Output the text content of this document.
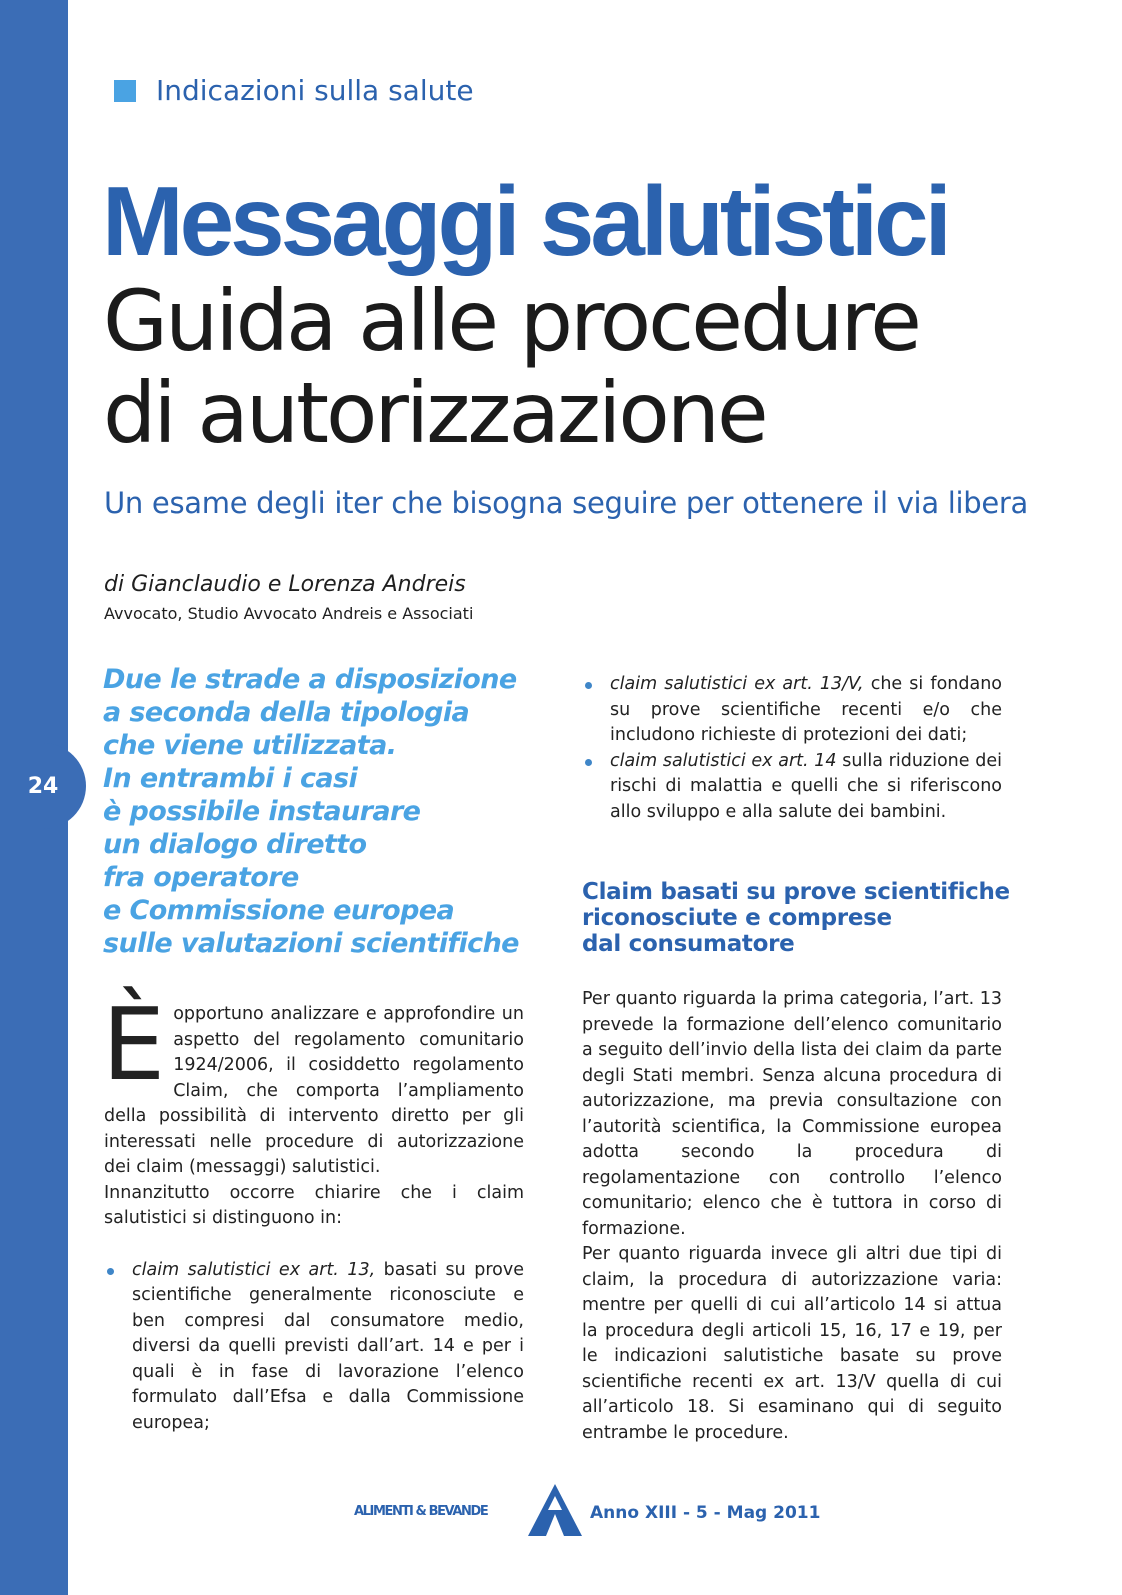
24
Indicazioni sulla salute
Messaggi salutistici
Guida alle procedure
di autorizzazione
Un esame degli iter che bisogna seguire per ottenere il via libera
di Gianclaudio e Lorenza Andreis
Avvocato, Studio Avvocato Andreis e Associati
Due le strade a disposizione
a seconda della tipologia
che viene utilizzata.
In entrambi i casi
è possibile instaurare
un dialogo diretto
fra operatore
e Commissione europea
sulle valutazioni scientifiche

Èopportuno analizzare e approfondire un aspetto del regolamento comunitario 1924/2006, il cosiddetto regolamento Claim, che comporta l’ampliamento della possibilità di intervento diretto per gli interessati nelle procedure di autorizzazione dei claim (messaggi) salutistici.

Innanzitutto occorre chiarire che i claim salutistici si distinguono in:

claim salutistici ex art. 13, basati su prove scientifiche generalmente riconosciute e ben compresi dal consumatore medio, diversi da quelli previsti dall’art. 14 e per i quali è in fase di lavorazione l’elenco formulato dall’Efsa e dalla Commissione europea;
claim salutistici ex art. 13/V, che si fondano su prove scientifiche recenti e/o che includono richieste di protezioni dei dati;
claim salutistici ex art. 14 sulla riduzione dei rischi di malattia e quelli che si riferiscono allo sviluppo e alla salute dei bambini.
Claim basati su prove scientifiche
riconosciute e comprese
dal consumatore

Per quanto riguarda la prima categoria, l’art. 13 prevede la formazione dell’elenco comunitario a seguito dell’invio della lista dei claim da parte degli Stati membri. Senza alcuna procedura di autorizzazione, ma previa consultazione con l’autorità scientifica, la Commissione europea adotta secondo la procedura di regolamentazione con controllo l’elenco comunitario; elenco che è tuttora in corso di formazione.

Per quanto riguarda invece gli altri due tipi di claim, la procedura di autorizzazione varia: mentre per quelli di cui all’articolo 14 si attua la procedura degli articoli 15, 16, 17 e 19, per le indicazioni salutistiche basate su prove scientifiche recenti ex art. 13/V quella di cui all’articolo 18. Si esaminano qui di seguito entrambe le procedure.

ALIMENTI & BEVANDE	Anno XIII - 5 - Mag 2011
